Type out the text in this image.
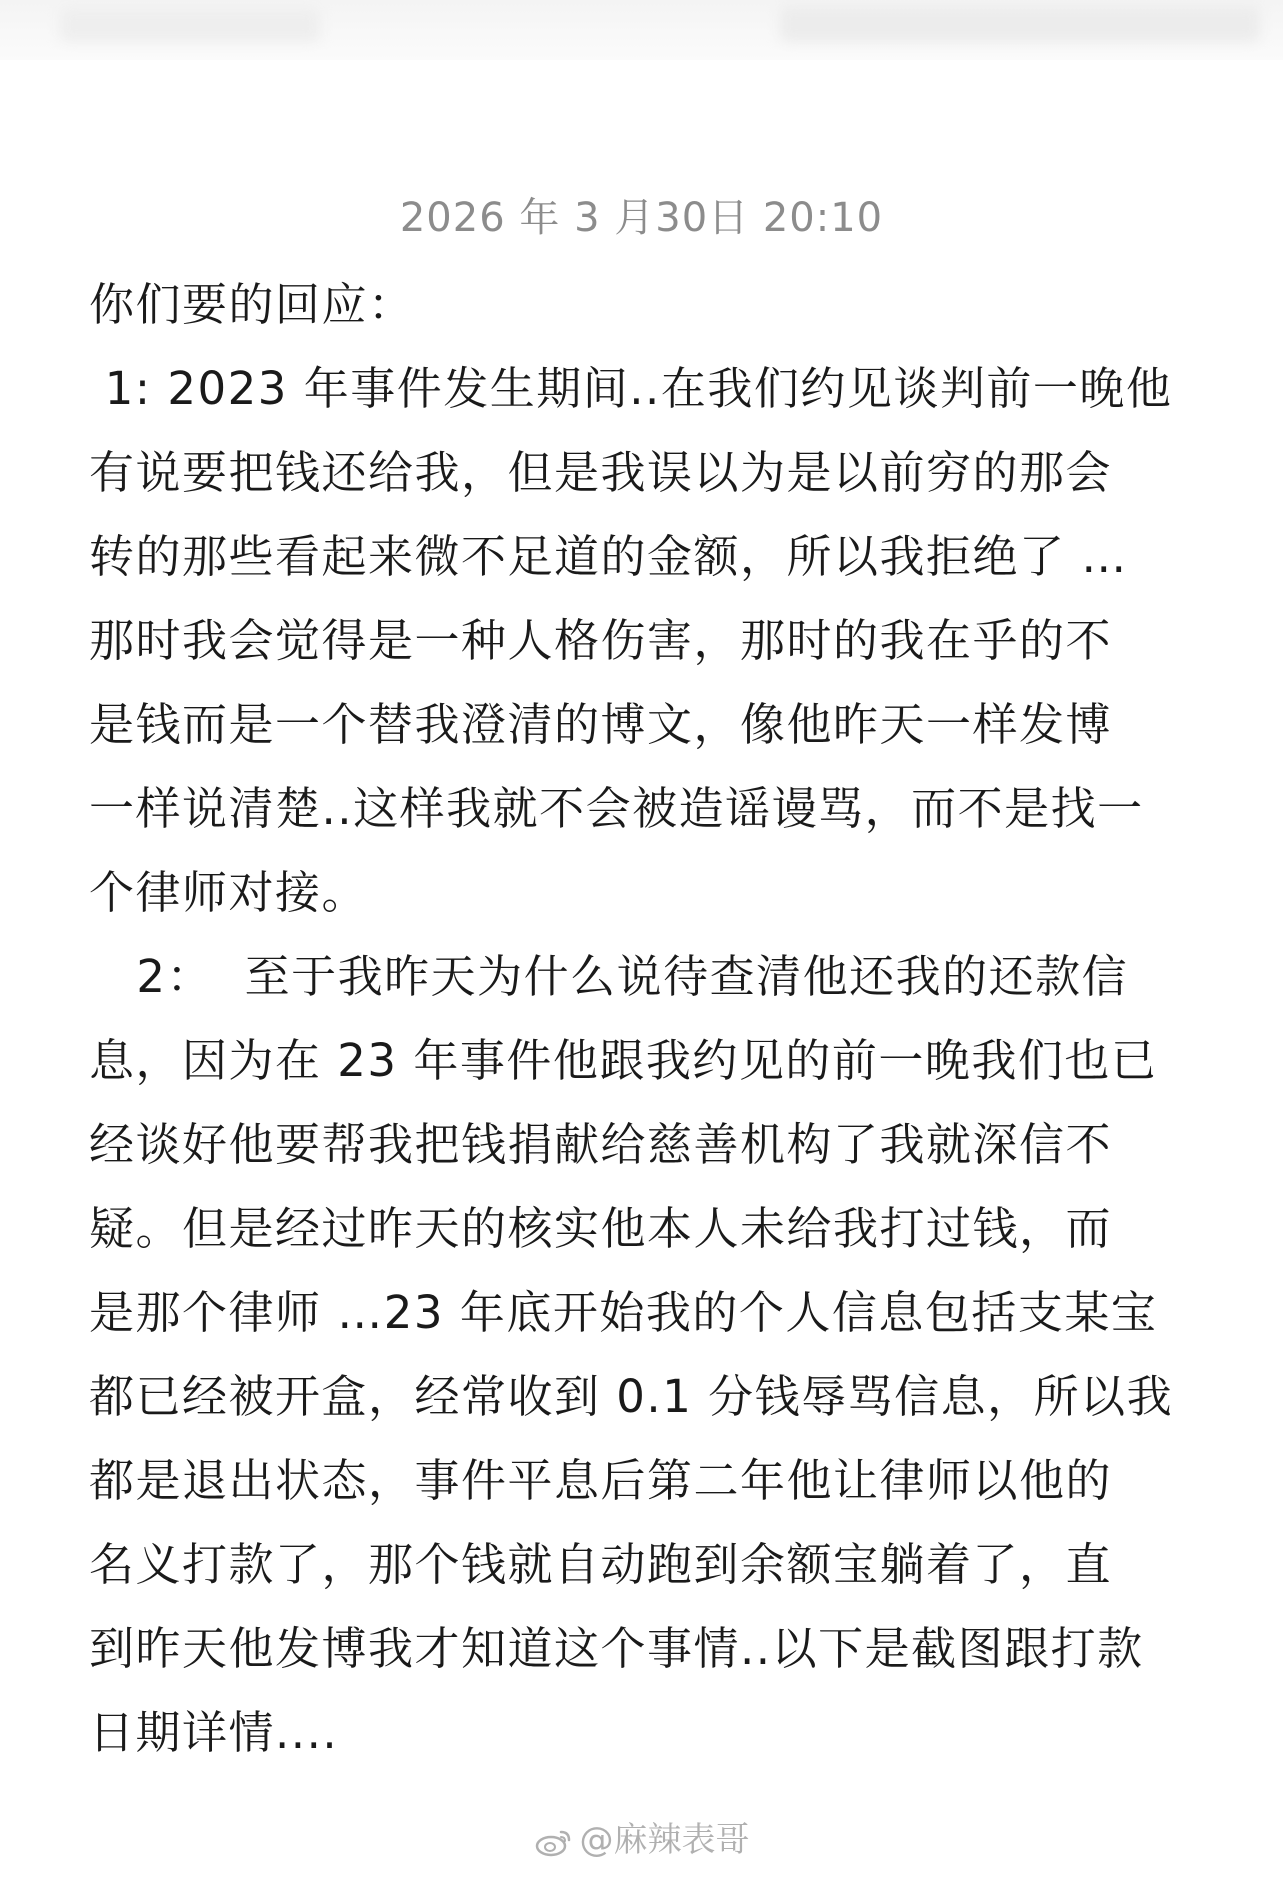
2026 年 3 月30日 20:10
你们要的回应：
1: 2023 年事件发生期间..在我们约见谈判前一晚他
有说要把钱还给我，但是我误以为是以前穷的那会
转的那些看起来微不足道的金额，所以我拒绝了 …
那时我会觉得是一种人格伤害，那时的我在乎的不
是钱而是一个替我澄清的博文，像他昨天一样发博
一样说清楚..这样我就不会被造谣谩骂，而不是找一
个律师对接。
2：  至于我昨天为什么说待查清他还我的还款信
息，因为在 23 年事件他跟我约见的前一晚我们也已
经谈好他要帮我把钱捐献给慈善机构了我就深信不
疑。但是经过昨天的核实他本人未给我打过钱，而
是那个律师 …23 年底开始我的个人信息包括支某宝
都已经被开盒，经常收到 0.1 分钱辱骂信息，所以我
都是退出状态，事件平息后第二年他让律师以他的
名义打款了，那个钱就自动跑到余额宝躺着了，直
到昨天他发博我才知道这个事情..以下是截图跟打款
日期详情....
@麻辣表哥
